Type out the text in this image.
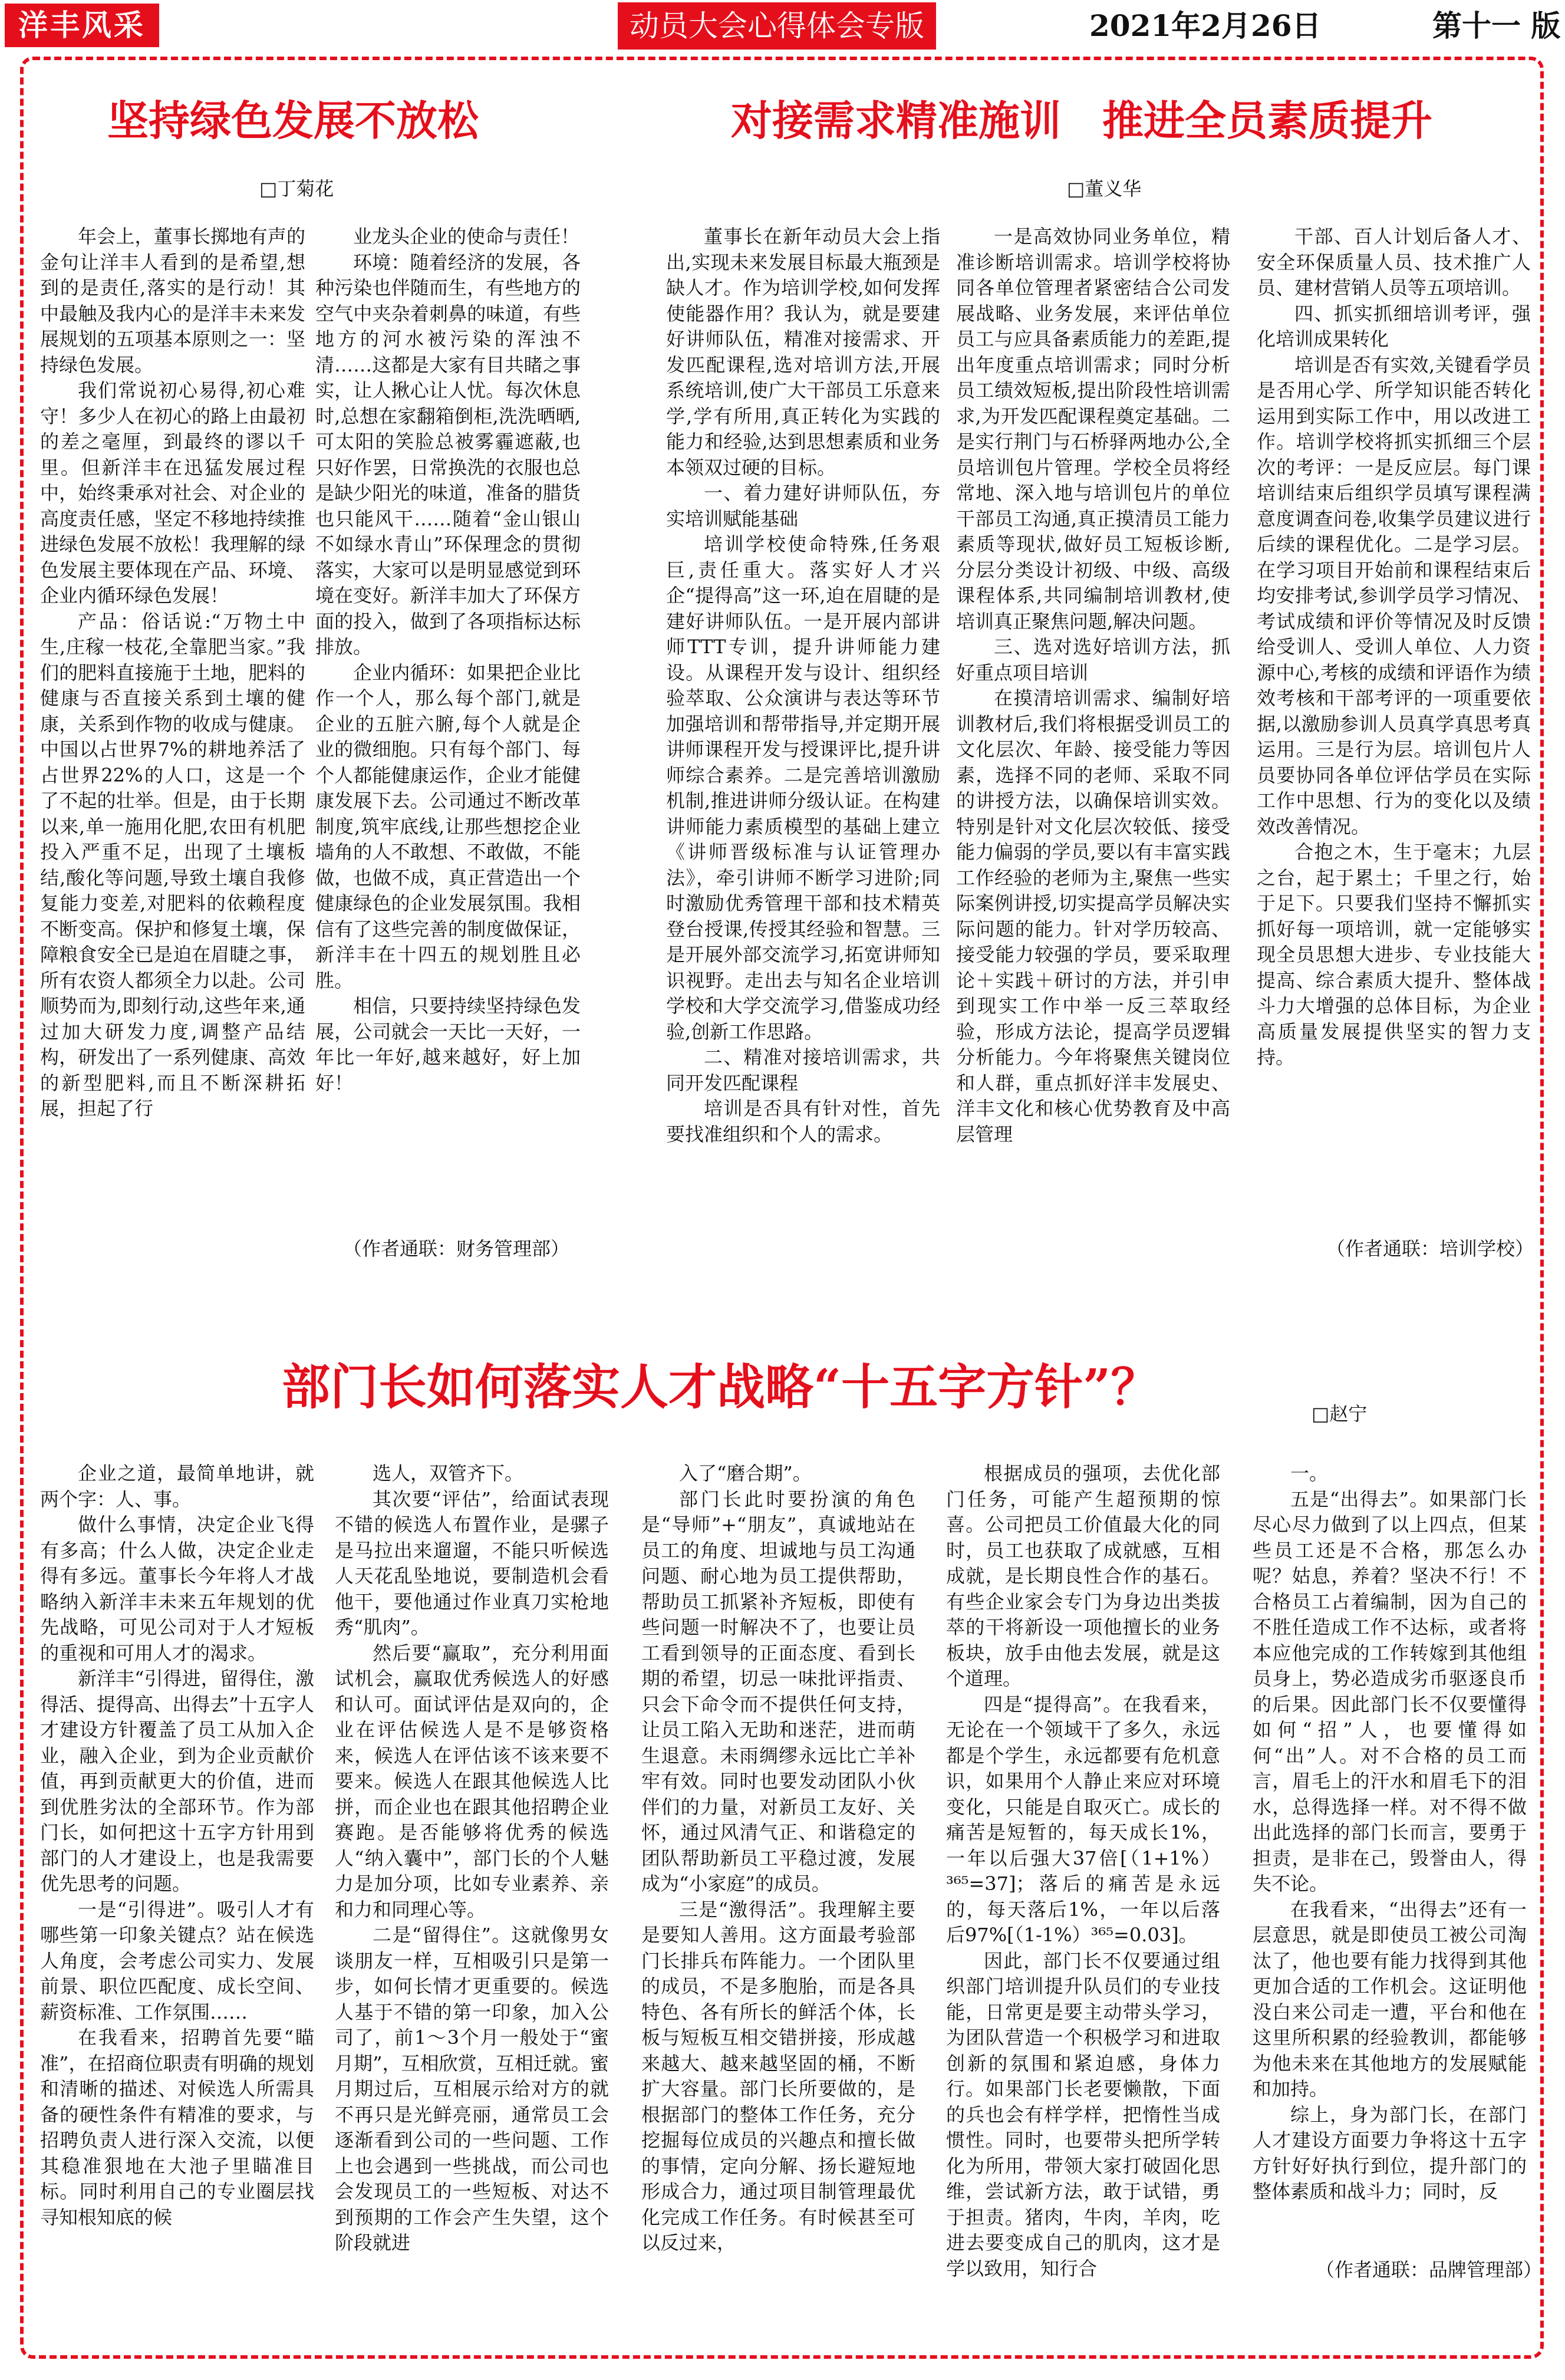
洋丰风采	动员大会心得体会专版	2021年2月26日	第十一 版
坚持绿色发展不放松
□丁菊花

年会上，董事长掷地有声的金句让洋丰人看到的是希望,想到的是责任,落实的是行动！其中最触及我内心的是洋丰未来发展规划的五项基本原则之一：坚持绿色发展。

我们常说初心易得,初心难守！多少人在初心的路上由最初的差之毫厘，到最终的谬以千里。但新洋丰在迅猛发展过程中，始终秉承对社会、对企业的高度责任感，坚定不移地持续推进绿色发展不放松！我理解的绿色发展主要体现在产品、环境、企业内循环绿色发展！

产品：俗话说:“万物土中生,庄稼一枝花,全靠肥当家。”我们的肥料直接施于土地，肥料的健康与否直接关系到土壤的健康，关系到作物的收成与健康。中国以占世界7%的耕地养活了占世界22%的人口，这是一个了不起的壮举。但是，由于长期以来,单一施用化肥,农田有机肥投入严重不足，出现了土壤板结,酸化等问题,导致土壤自我修复能力变差,对肥料的依赖程度不断变高。保护和修复土壤，保障粮食安全已是迫在眉睫之事，所有农资人都须全力以赴。公司顺势而为,即刻行动,这些年来,通过加大研发力度,调整产品结构，研发出了一系列健康、高效的新型肥料,而且不断深耕拓展，担起了行

业龙头企业的使命与责任！

环境：随着经济的发展，各种污染也伴随而生，有些地方的空气中夹杂着刺鼻的味道，有些地方的河水被污染的浑浊不清……这都是大家有目共睹之事实，让人揪心让人忧。每次休息时,总想在家翻箱倒柜,洗洗晒晒,可太阳的笑脸总被雾霾遮蔽,也只好作罢，日常换洗的衣服也总是缺少阳光的味道，准备的腊货也只能风干……随着“金山银山不如绿水青山”环保理念的贯彻落实，大家可以是明显感觉到环境在变好。新洋丰加大了环保方面的投入，做到了各项指标达标排放。

企业内循环：如果把企业比作一个人，那么每个部门,就是企业的五脏六腑,每个人就是企业的微细胞。只有每个部门、每个人都能健康运作，企业才能健康发展下去。公司通过不断改革制度,筑牢底线,让那些想挖企业墙角的人不敢想、不敢做，不能做，也做不成，真正营造出一个健康绿色的企业发展氛围。我相信有了这些完善的制度做保证，新洋丰在十四五的规划胜且必胜。

相信，只要持续坚持绿色发展，公司就会一天比一天好，一年比一年好,越来越好，好上加好！

（作者通联：财务管理部）
对接需求精准施训　推进全员素质提升
□董义华

董事长在新年动员大会上指出,实现未来发展目标最大瓶颈是缺人才。作为培训学校,如何发挥使能器作用？我认为，就是要建好讲师队伍，精准对接需求、开发匹配课程,选对培训方法,开展系统培训,使广大干部员工乐意来学,学有所用,真正转化为实践的能力和经验,达到思想素质和业务本领双过硬的目标。

一、着力建好讲师队伍，夯实培训赋能基础

培训学校使命特殊,任务艰巨,责任重大。落实好人才兴企“提得高”这一环,迫在眉睫的是建好讲师队伍。一是开展内部讲师TTT专训，提升讲师能力建设。从课程开发与设计、组织经验萃取、公众演讲与表达等环节加强培训和帮带指导,并定期开展讲师课程开发与授课评比,提升讲师综合素养。二是完善培训激励机制,推进讲师分级认证。在构建讲师能力素质模型的基础上建立《讲师晋级标准与认证管理办法》，牵引讲师不断学习进阶;同时激励优秀管理干部和技术精英登台授课,传授其经验和智慧。三是开展外部交流学习,拓宽讲师知识视野。走出去与知名企业培训学校和大学交流学习,借鉴成功经验,创新工作思路。

二、精准对接培训需求，共同开发匹配课程

培训是否具有针对性，首先要找准组织和个人的需求。

一是高效协同业务单位，精准诊断培训需求。培训学校将协同各单位管理者紧密结合公司发展战略、业务发展，来评估单位员工与应具备素质能力的差距,提出年度重点培训需求；同时分析员工绩效短板,提出阶段性培训需求,为开发匹配课程奠定基础。二是实行荆门与石桥驿两地办公,全员培训包片管理。学校全员将经常地、深入地与培训包片的单位干部员工沟通,真正摸清员工能力素质等现状,做好员工短板诊断,分层分类设计初级、中级、高级课程体系,共同编制培训教材,使培训真正聚焦问题,解决问题。

三、选对选好培训方法，抓好重点项目培训

在摸清培训需求、编制好培训教材后,我们将根据受训员工的文化层次、年龄、接受能力等因素，选择不同的老师、采取不同的讲授方法，以确保培训实效。特别是针对文化层次较低、接受能力偏弱的学员,要以有丰富实践工作经验的老师为主,聚焦一些实际案例讲授,切实提高学员解决实际问题的能力。针对学历较高、接受能力较强的学员，要采取理论＋实践＋研讨的方法，并引申到现实工作中举一反三萃取经验，形成方法论，提高学员逻辑分析能力。今年将聚焦关键岗位和人群，重点抓好洋丰发展史、洋丰文化和核心优势教育及中高层管理

干部、百人计划后备人才、安全环保质量人员、技术推广人员、建材营销人员等五项培训。

四、抓实抓细培训考评，强化培训成果转化

培训是否有实效,关键看学员是否用心学、所学知识能否转化运用到实际工作中，用以改进工作。培训学校将抓实抓细三个层次的考评：一是反应层。每门课培训结束后组织学员填写课程满意度调查问卷,收集学员建议进行后续的课程优化。二是学习层。在学习项目开始前和课程结束后均安排考试,参训学员学习情况、考试成绩和评价等情况及时反馈给受训人、受训人单位、人力资源中心,考核的成绩和评语作为绩效考核和干部考评的一项重要依据,以激励参训人员真学真思考真运用。三是行为层。培训包片人员要协同各单位评估学员在实际工作中思想、行为的变化以及绩效改善情况。

合抱之木，生于毫末；九层之台，起于累土；千里之行，始于足下。只要我们坚持不懈抓实抓好每一项培训，就一定能够实现全员思想大进步、专业技能大提高、综合素质大提升、整体战斗力大增强的总体目标，为企业高质量发展提供坚实的智力支持。

（作者通联：培训学校）
部门长如何落实人才战略“十五字方针”？	□赵宁

企业之道，最简单地讲，就两个字：人、事。

做什么事情，决定企业飞得有多高；什么人做，决定企业走得有多远。董事长今年将人才战略纳入新洋丰未来五年规划的优先战略，可见公司对于人才短板的重视和可用人才的渴求。

新洋丰“引得进，留得住，激得活、提得高、出得去”十五字人才建设方针覆盖了员工从加入企业，融入企业，到为企业贡献价值，再到贡献更大的价值，进而到优胜劣汰的全部环节。作为部门长，如何把这十五字方针用到部门的人才建设上，也是我需要优先思考的问题。

一是“引得进”。吸引人才有哪些第一印象关键点？站在候选人角度，会考虑公司实力、发展前景、职位匹配度、成长空间、薪资标准、工作氛围……

在我看来，招聘首先要“瞄准”，在招商位职责有明确的规划和清晰的描述、对候选人所需具备的硬性条件有精准的要求，与招聘负责人进行深入交流，以便其稳准狠地在大池子里瞄准目标。同时利用自己的专业圈层找寻知根知底的候

选人，双管齐下。

其次要“评估”，给面试表现不错的候选人布置作业，是骡子是马拉出来遛遛，不能只听候选人天花乱坠地说，要制造机会看他干，要他通过作业真刀实枪地秀“肌肉”。

然后要“赢取”，充分利用面试机会，赢取优秀候选人的好感和认可。面试评估是双向的，企业在评估候选人是不是够资格来，候选人在评估该不该来要不要来。候选人在跟其他候选人比拼，而企业也在跟其他招聘企业赛跑。是否能够将优秀的候选人“纳入囊中”，部门长的个人魅力是加分项，比如专业素养、亲和力和同理心等。

二是“留得住”。这就像男女谈朋友一样，互相吸引只是第一步，如何长情才更重要的。候选人基于不错的第一印象，加入公司了，前1～3个月一般处于“蜜月期”，互相欣赏，互相迁就。蜜月期过后，互相展示给对方的就不再只是光鲜亮丽，通常员工会逐渐看到公司的一些问题、工作上也会遇到一些挑战，而公司也会发现员工的一些短板、对达不到预期的工作会产生失望，这个阶段就进

入了“磨合期”。

部门长此时要扮演的角色是“导师”+“朋友”，真诚地站在员工的角度、坦诚地与员工沟通问题、耐心地为员工提供帮助，帮助员工抓紧补齐短板，即使有些问题一时解决不了，也要让员工看到领导的正面态度、看到长期的希望，切忌一味批评指责、只会下命令而不提供任何支持，让员工陷入无助和迷茫，进而萌生退意。未雨绸缪永远比亡羊补牢有效。同时也要发动团队小伙伴们的力量，对新员工友好、关怀，通过风清气正、和谐稳定的团队帮助新员工平稳过渡，发展成为“小家庭”的成员。

三是“激得活”。我理解主要是要知人善用。这方面最考验部门长排兵布阵能力。一个团队里的成员，不是多胞胎，而是各具特色、各有所长的鲜活个体，长板与短板互相交错拼接，形成越来越大、越来越坚固的桶，不断扩大容量。部门长所要做的，是根据部门的整体工作任务，充分挖掘每位成员的兴趣点和擅长做的事情，定向分解、扬长避短地形成合力，通过项目制管理最优化完成工作任务。有时候甚至可以反过来，

根据成员的强项，去优化部门任务，可能产生超预期的惊喜。公司把员工价值最大化的同时，员工也获取了成就感，互相成就，是长期良性合作的基石。有些企业家会专门为身边出类拔萃的干将新设一项他擅长的业务板块，放手由他去发展，就是这个道理。

四是“提得高”。在我看来，无论在一个领域干了多久，永远都是个学生，永远都要有危机意识，如果用个人静止来应对环境变化，只能是自取灭亡。成长的痛苦是短暂的，每天成长1%，一年以后强大37倍[（1+1%）³⁶⁵=37]；落后的痛苦是永远的，每天落后1%，一年以后落后97%[（1-1%）³⁶⁵=0.03]。

因此，部门长不仅要通过组织部门培训提升队员们的专业技能，日常更是要主动带头学习，为团队营造一个积极学习和进取创新的氛围和紧迫感，身体力行。如果部门长老要懒散，下面的兵也会有样学样，把惰性当成惯性。同时，也要带头把所学转化为所用，带领大家打破固化思维，尝试新方法，敢于试错，勇于担责。猪肉，牛肉，羊肉，吃进去要变成自己的肌肉，这才是学以致用，知行合

一。

五是“出得去”。如果部门长尽心尽力做到了以上四点，但某些员工还是不合格，那怎么办呢？姑息，养着？坚决不行！不合格员工占着编制，因为自己的不胜任造成工作不达标，或者将本应他完成的工作转嫁到其他组员身上，势必造成劣币驱逐良币的后果。因此部门长不仅要懂得如何“招”人，也要懂得如何“出”人。对不合格的员工而言，眉毛上的汗水和眉毛下的泪水，总得选择一样。对不得不做出此选择的部门长而言，要勇于担责，是非在己，毁誉由人，得失不论。

在我看来，“出得去”还有一层意思，就是即使员工被公司淘汰了，他也要有能力找得到其他更加合适的工作机会。这证明他没白来公司走一遭，平台和他在这里所积累的经验教训，都能够为他未来在其他地方的发展赋能和加持。

综上，身为部门长，在部门人才建设方面要力争将这十五字方针好好执行到位，提升部门的整体素质和战斗力；同时，反

（作者通联：品牌管理部）
